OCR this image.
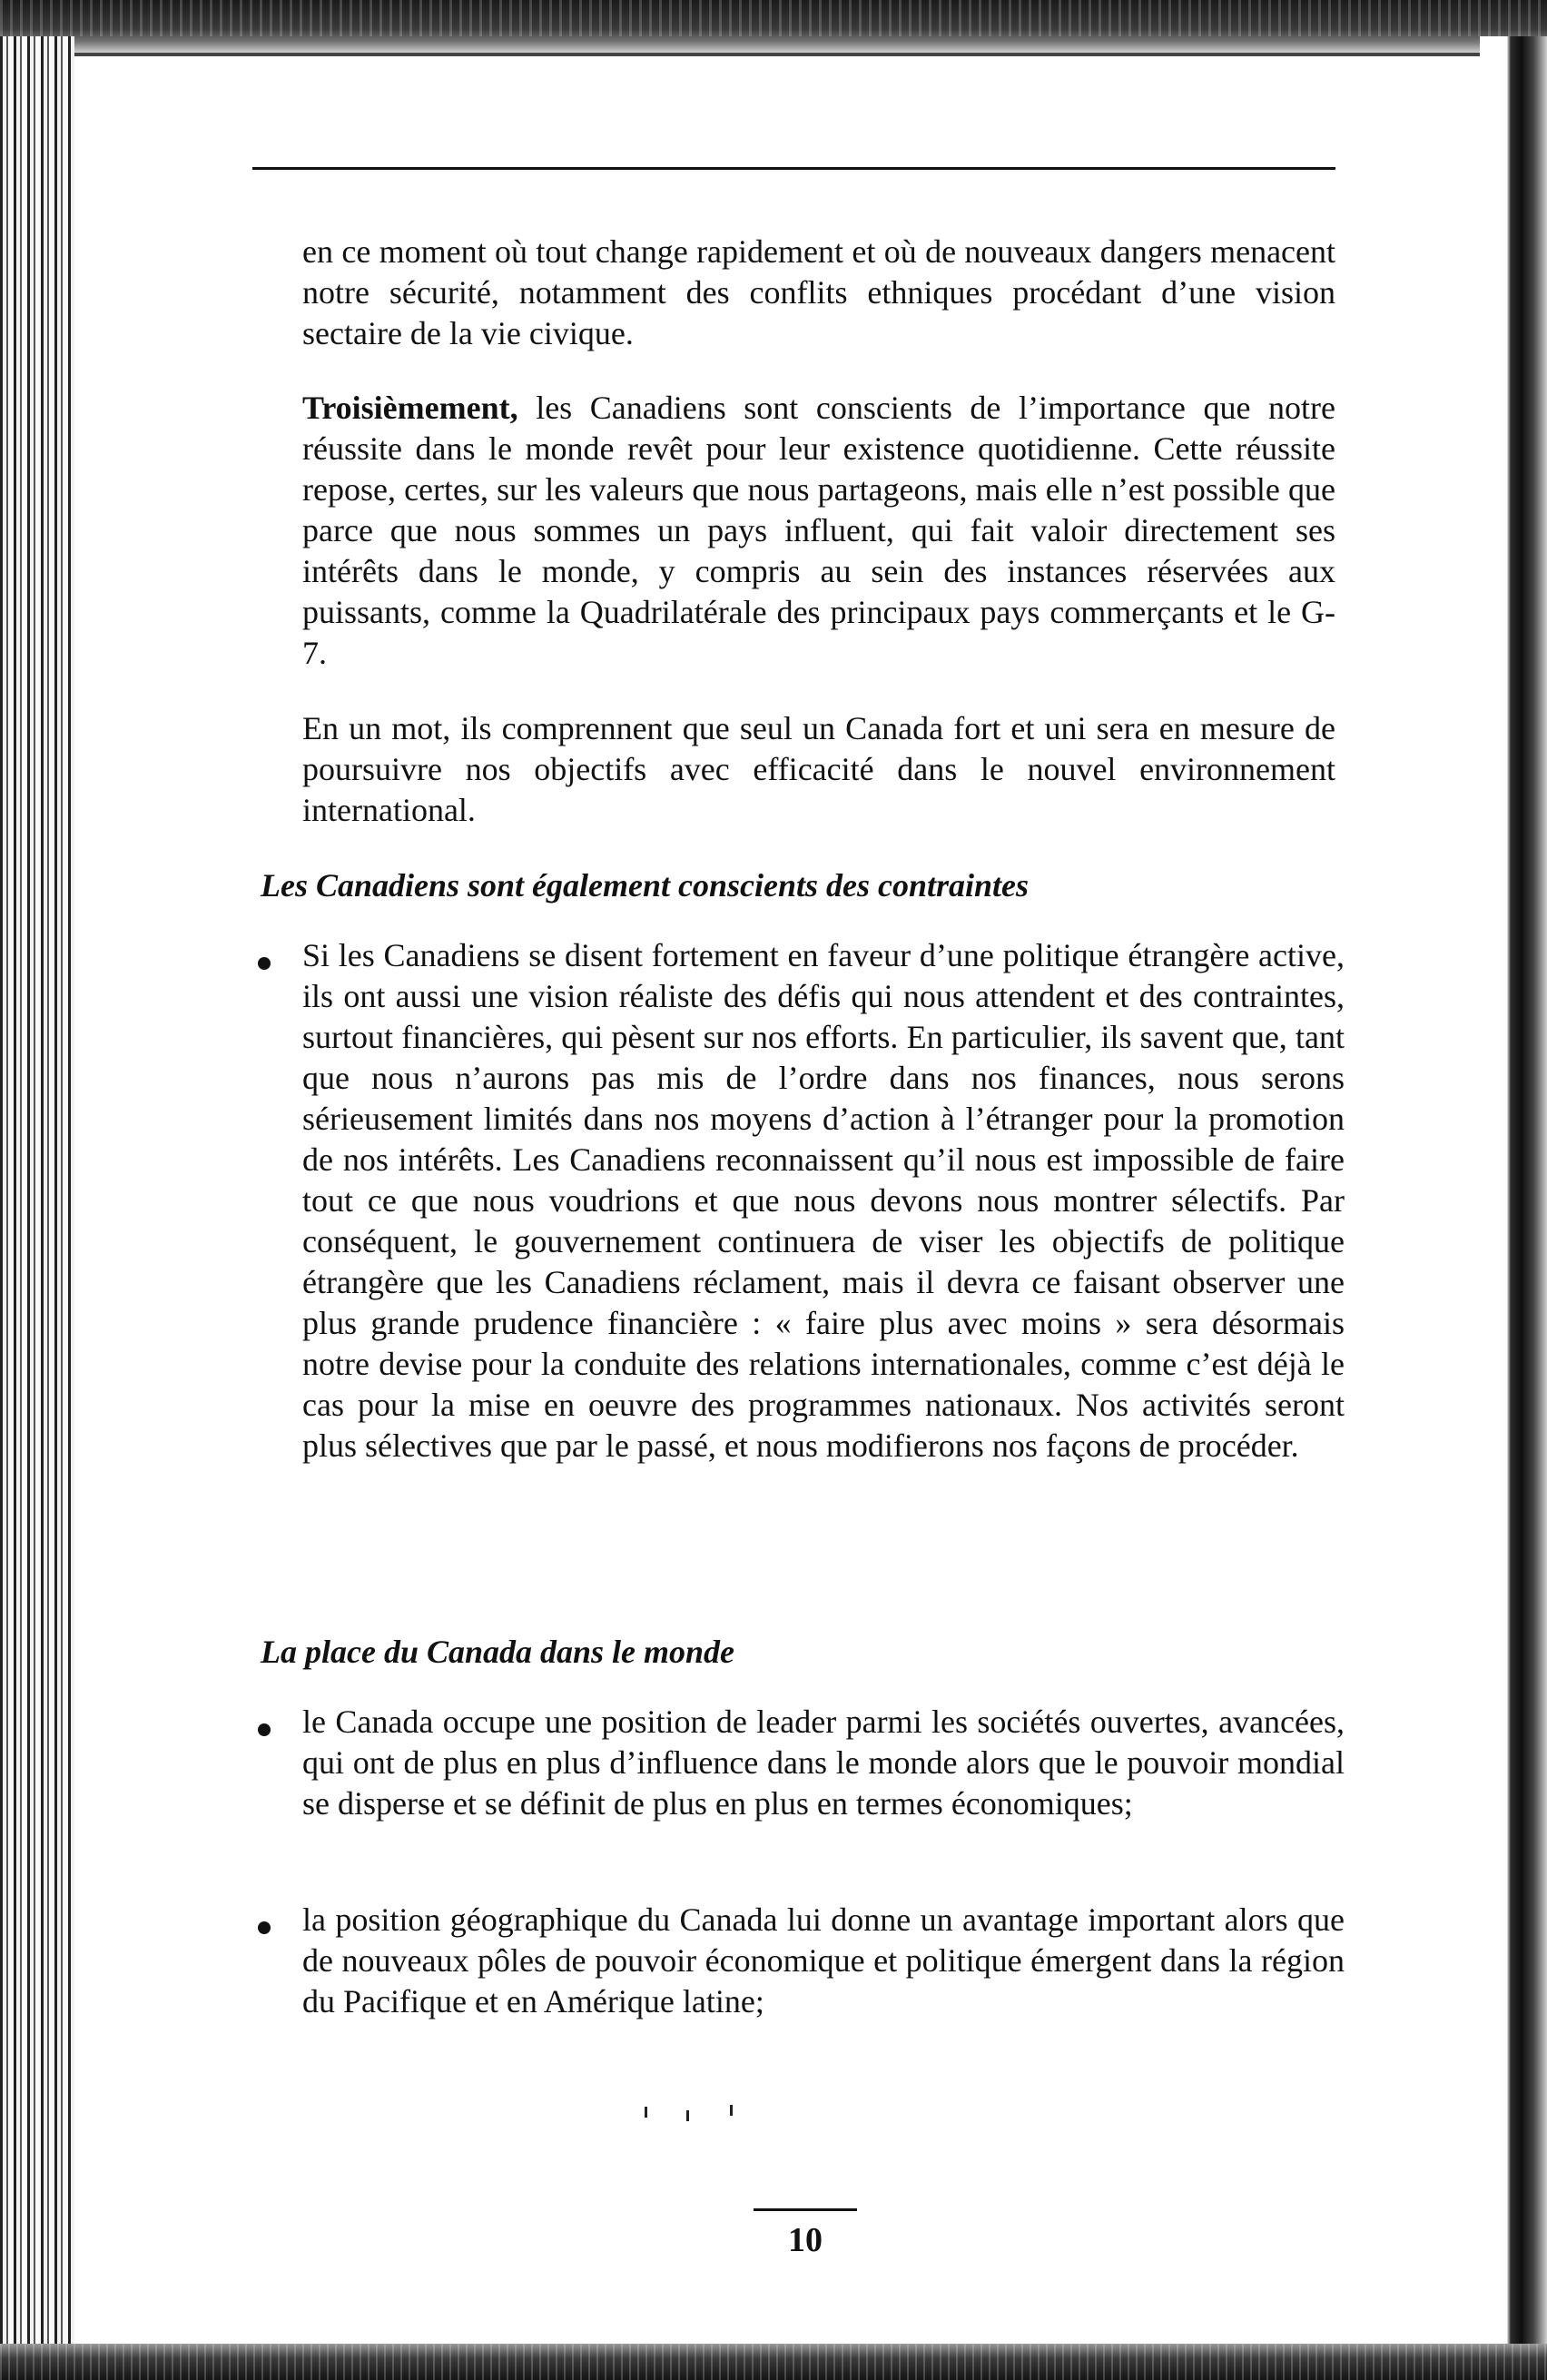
en ce moment où tout change rapidement et où de nouveaux dangers menacent notre sécurité, notamment des conflits ethniques procédant d’une vision sectaire de la vie civique.

Troisièmement, les Canadiens sont conscients de l’importance que notre réussite dans le monde revêt pour leur existence quotidienne. Cette réussite repose, certes, sur les valeurs que nous partageons, mais elle n’est possible que parce que nous sommes un pays influent, qui fait valoir directement ses intérêts dans le monde, y compris au sein des instances réservées aux puissants, comme la Quadrilatérale des principaux pays commerçants et le G-7.

En un mot, ils comprennent que seul un Canada fort et uni sera en mesure de poursuivre nos objectifs avec efficacité dans le nouvel environnement international.

Les Canadiens sont également conscients des contraintes

Si les Canadiens se disent fortement en faveur d’une politique étrangère active, ils ont aussi une vision réaliste des défis qui nous attendent et des contraintes, surtout financières, qui pèsent sur nos efforts. En particulier, ils savent que, tant que nous n’aurons pas mis de l’ordre dans nos finances, nous serons sérieusement limités dans nos moyens d’action à l’étranger pour la promotion de nos intérêts. Les Canadiens reconnaissent qu’il nous est impossible de faire tout ce que nous voudrions et que nous devons nous montrer sélectifs. Par conséquent, le gouvernement continuera de viser les objectifs de politique étrangère que les Canadiens réclament, mais il devra ce faisant observer une plus grande prudence financière : « faire plus avec moins » sera désormais notre devise pour la conduite des relations internationales, comme c’est déjà le cas pour la mise en oeuvre des programmes nationaux. Nos activités seront plus sélectives que par le passé, et nous modifierons nos façons de procéder.

La place du Canada dans le monde

le Canada occupe une position de leader parmi les sociétés ouvertes, avancées, qui ont de plus en plus d’influence dans le monde alors que le pouvoir mondial se disperse et se définit de plus en plus en termes économiques;

la position géographique du Canada lui donne un avantage important alors que de nouveaux pôles de pouvoir économique et politique émergent dans la région du Pacifique et en Amérique latine;

10
